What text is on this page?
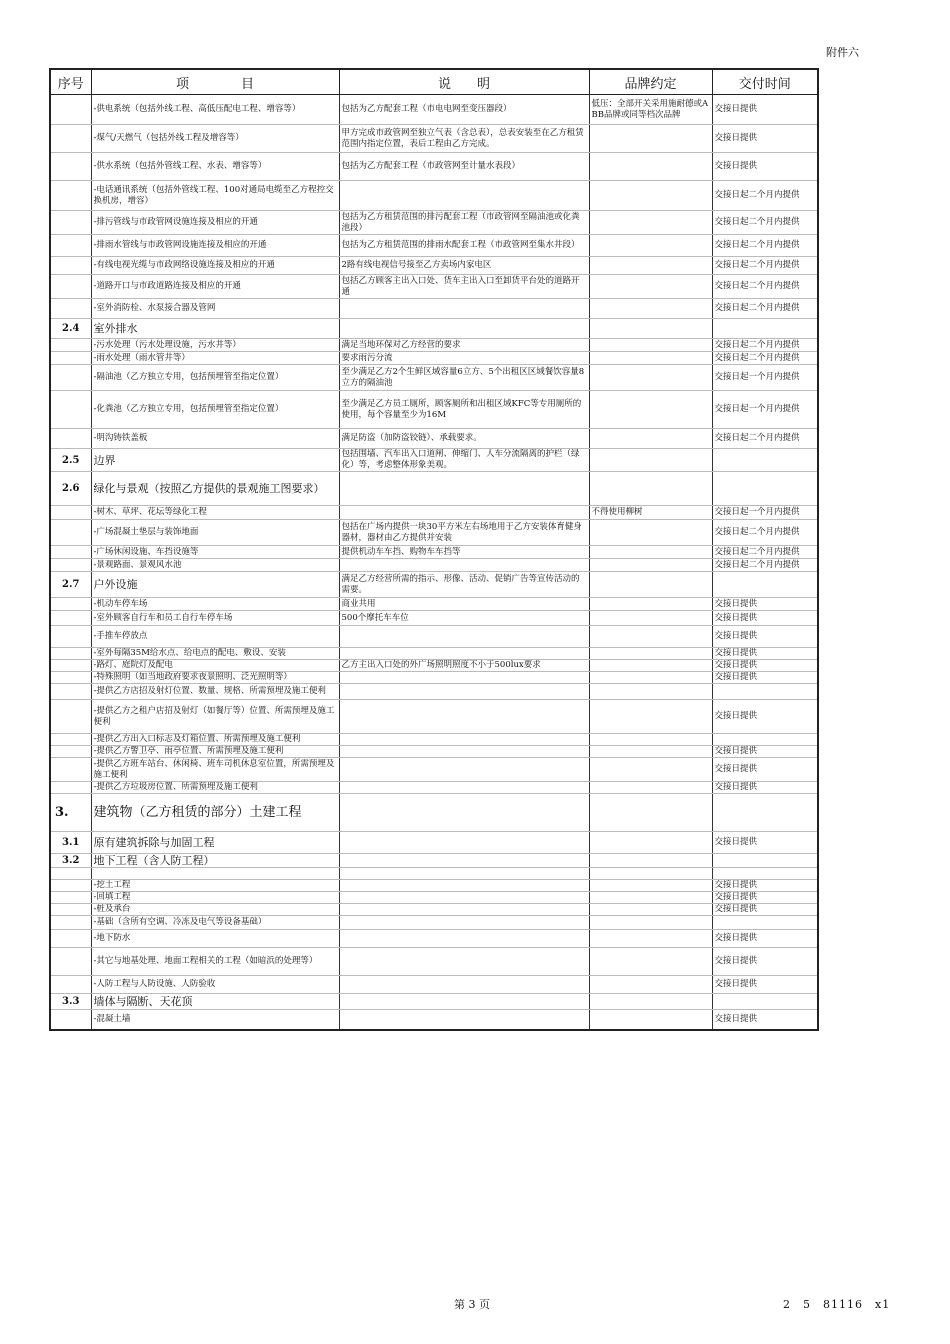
附件六
序号	项　　　　目	说　　明	品牌约定	交付时间
	-供电系统（包括外线工程、高低压配电工程、增容等）	包括为乙方配套工程（市电电网至变压器段）	低压：全部开关采用施耐德或ABB品牌或同等档次品牌	交接日提供
	-煤气/天燃气（包括外线工程及增容等）	甲方完成市政管网至独立气表（含总表），总表安装至在乙方租赁范围内指定位置，表后工程由乙方完成。		交接日提供
	-供水系统（包括外管线工程、水表、增容等）	包括为乙方配套工程（市政管网至计量水表段）		交接日提供
	-电话通讯系统（包括外管线工程、100对通局电缆至乙方程控交换机房，增容）			交接日起二个月内提供
	-排污管线与市政管网设施连接及相应的开通	包括为乙方租赁范围的排污配套工程（市政管网至隔油池或化粪池段）		交接日起二个月内提供
	-排雨水管线与市政管网设施连接及相应的开通	包括为乙方租赁范围的排雨水配套工程（市政管网至集水井段）		交接日起二个月内提供
	-有线电视光缆与市政网络设施连接及相应的开通	2路有线电视信号接至乙方卖场内家电区		交接日起二个月内提供
	-道路开口与市政道路连接及相应的开通	包括乙方顾客主出入口处、货车主出入口至卸货平台处的道路开通		交接日起二个月内提供
	-室外消防栓、水泵接合器及管网			交接日起二个月内提供
2.4	室外排水			
	-污水处理（污水处理设施，污水井等）	满足当地环保对乙方经营的要求		交接日起二个月内提供
	-雨水处理（雨水管井等）	要求雨污分流		交接日起二个月内提供
	-隔油池（乙方独立专用，包括预埋管至指定位置）	至少满足乙方2个生鲜区域容量6立方、5个出租区区域餐饮容量8立方的隔油池		交接日起一个月内提供
	-化粪池（乙方独立专用，包括预埋管至指定位置）	至少满足乙方员工厕所，顾客厕所和出租区域KFC等专用厕所的使用，每个容量至少为16M		交接日起一个月内提供
	-明沟铸铁盖板	满足防盗（加防盗铰链）、承载要求。		交接日起二个月内提供
2.5	边界	包括围墙、汽车出入口道闸、伸缩门、人车分流隔离的护栏（绿化）等，考虑整体形象美观。		
2.6	绿化与景观（按照乙方提供的景观施工图要求）			
	-树木、草坪、花坛等绿化工程		不得使用柳树	交接日起一个月内提供
	-广场混凝土垫层与装饰地面	包括在广场内提供一块30平方米左右场地用于乙方安装体育健身器材，器材由乙方提供并安装		交接日起二个月内提供
	-广场休闲设施、车挡设施等	提供机动车车挡、购物车车挡等		交接日起二个月内提供
	-景观路面、景观风水池			交接日起二个月内提供
2.7	户外设施	满足乙方经营所需的指示、形像、活动、促销广告等宣传活动的需要。		
	-机动车停车场	商业共用		交接日提供
	-室外顾客自行车和员工自行车停车场	500个摩托车车位		交接日提供
	-手推车停放点			交接日提供
	-室外每隔35M给水点、给电点的配电、敷设、安装			交接日提供
	-路灯、庭院灯及配电	乙方主出入口处的外广场照明照度不小于500lux要求		交接日提供
	-特殊照明（如当地政府要求夜景照明、泛光照明等）			交接日提供
	-提供乙方店招及射灯位置、数量、规格、所需预埋及施工便利			
	-提供乙方之租户店招及射灯（如餐厅等）位置、所需预埋及施工便利			交接日提供
	-提供乙方出入口标志及灯箱位置、所需预埋及施工便利			
	-提供乙方警卫亭、雨亭位置、所需预埋及施工便利			交接日提供
	-提供乙方班车站台、休闲椅、班车司机休息室位置，所需预埋及施工便利			交接日提供
	-提供乙方垃圾房位置、所需预埋及施工便利			交接日提供
3.	建筑物（乙方租赁的部分）土建工程			
3.1	原有建筑拆除与加固工程			交接日提供
3.2	地下工程（含人防工程）			

	-挖土工程			交接日提供
	-回填工程			交接日提供
	-桩及承台			交接日提供
	-基础（含所有空调、冷冻及电气等设备基础）			
	-地下防水			交接日提供
	-其它与地基处理、地面工程相关的工程（如暗浜的处理等）			交接日提供
	-人防工程与人防设施、人防验收			交接日提供
3.3	墙体与隔断、天花顶			
	-混凝土墙			交接日提供
第 3 页	2　5　81116　x1
